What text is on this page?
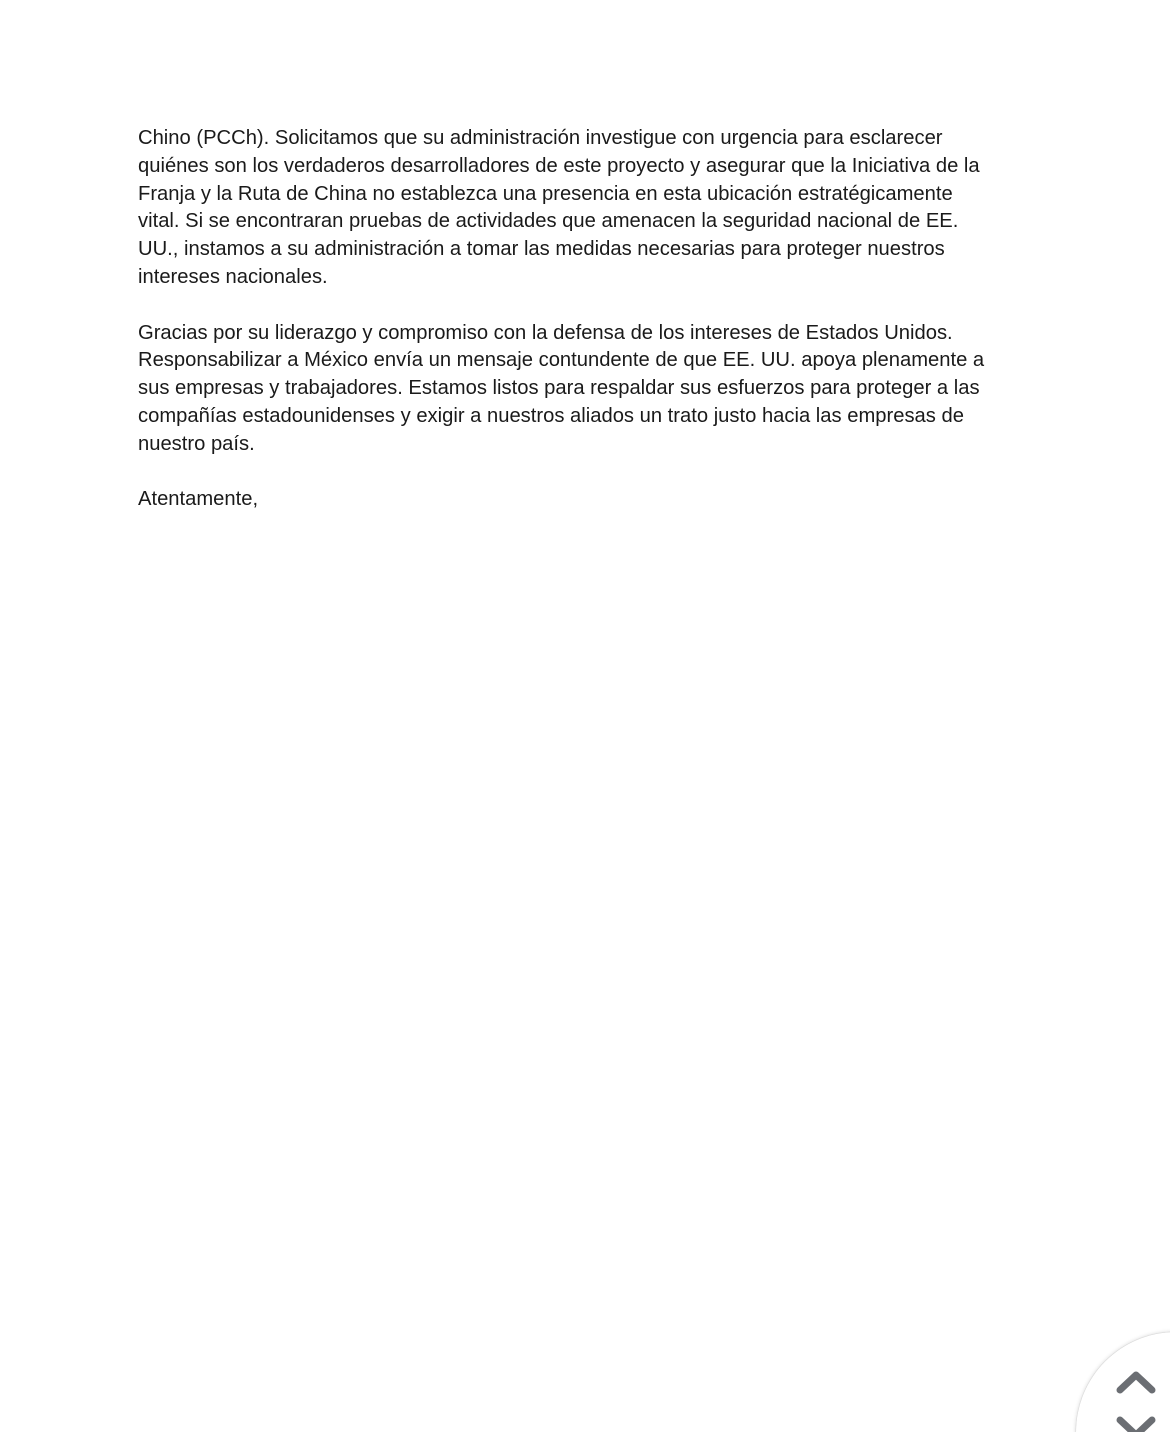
Chino (PCCh). Solicitamos que su administración investigue con urgencia para esclarecer
quiénes son los verdaderos desarrolladores de este proyecto y asegurar que la Iniciativa de la
Franja y la Ruta de China no establezca una presencia en esta ubicación estratégicamente
vital. Si se encontraran pruebas de actividades que amenacen la seguridad nacional de EE.
UU., instamos a su administración a tomar las medidas necesarias para proteger nuestros
intereses nacionales.

Gracias por su liderazgo y compromiso con la defensa de los intereses de Estados Unidos.
Responsabilizar a México envía un mensaje contundente de que EE. UU. apoya plenamente a
sus empresas y trabajadores. Estamos listos para respaldar sus esfuerzos para proteger a las
compañías estadounidenses y exigir a nuestros aliados un trato justo hacia las empresas de
nuestro país.

Atentamente,
